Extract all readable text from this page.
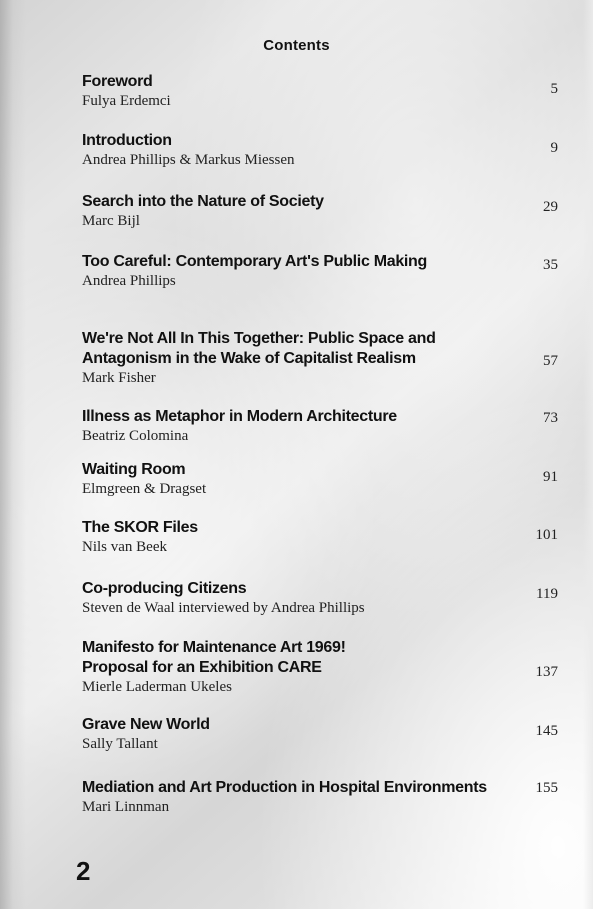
Contents
Foreword
Fulya Erdemci
5
Introduction
Andrea Phillips & Markus Miessen
9
Search into the Nature of Society
Marc Bijl
29
Too Careful: Contemporary Art's Public Making
Andrea Phillips
35
We're Not All In This Together: Public Space and
Antagonism in the Wake of Capitalist Realism
Mark Fisher
57
Illness as Metaphor in Modern Architecture
Beatriz Colomina
73
Waiting Room
Elmgreen & Dragset
91
The SKOR Files
Nils van Beek
101
Co-producing Citizens
Steven de Waal interviewed by Andrea Phillips
119
Manifesto for Maintenance Art 1969!
Proposal for an Exhibition CARE
Mierle Laderman Ukeles
137
Grave New World
Sally Tallant
145
Mediation and Art Production in Hospital Environments
Mari Linnman
155
2
